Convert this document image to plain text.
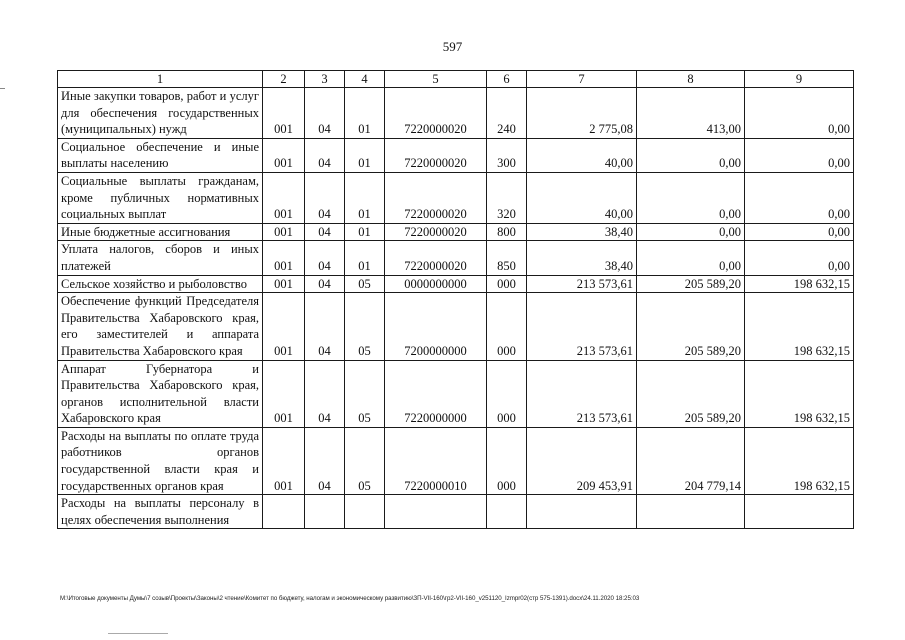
597

1	2	3	4	5	6	7	8	9
Иные закупки товаров, работ и услуг для обеспечения государственных (муниципальных) нужд	001	04	01	7220000020	240	2 775,08	413,00	0,00
Социальное обеспечение и иные выплаты населению	001	04	01	7220000020	300	40,00	0,00	0,00
Социальные выплаты гражданам, кроме публичных нормативных социальных выплат	001	04	01	7220000020	320	40,00	0,00	0,00
Иные бюджетные ассигнования	001	04	01	7220000020	800	38,40	0,00	0,00
Уплата налогов, сборов и иных платежей	001	04	01	7220000020	850	38,40	0,00	0,00
Сельское хозяйство и рыболовство	001	04	05	0000000000	000	213 573,61	205 589,20	198 632,15
Обеспечение функций Председателя Правительства Хабаровского края, его заместителей и аппарата Правительства Хабаровского края	001	04	05	7200000000	000	213 573,61	205 589,20	198 632,15
Аппарат Губернатора и Правительства Хабаровского края, органов исполнительной власти Хабаровского края	001	04	05	7220000000	000	213 573,61	205 589,20	198 632,15
Расходы на выплаты по оплате труда работников органов государственной власти края и государственных органов края	001	04	05	7220000010	000	209 453,91	204 779,14	198 632,15
Расходы на выплаты персоналу в целях обеспечения выполнения								
М:\Итоговые документы Думы\7 созыв\Проекты\Законы\2 чтение\Комитет по бюджету, налогам и экономическому развитию\ЗП-VII-160\гр2-VII-160_v251120_Izmpr02(стр 575-1391).docx\24.11.2020 18:25:03
